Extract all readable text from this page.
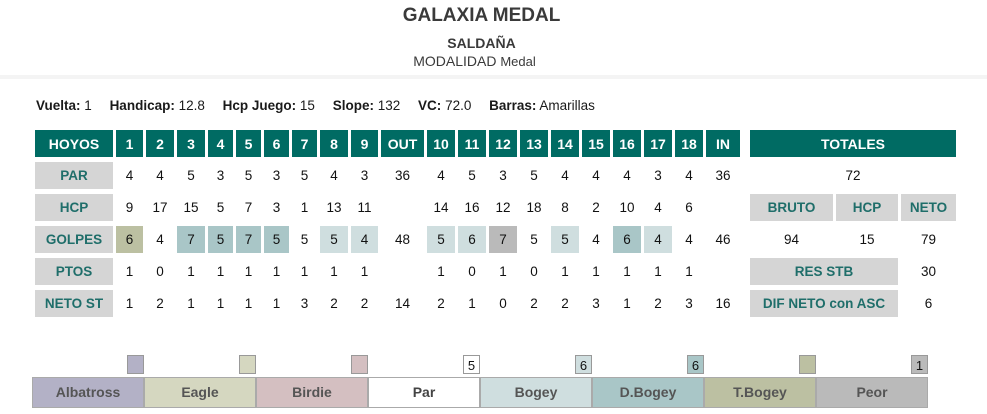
GALAXIA MEDAL
SALDAÑA
MODALIDAD Medal
Vuelta: 1 Handicap: 12.8 Hcp Juego: 15 Slope: 132 VC: 72.0 Barras: Amarillas
HOYOS	1	2	3	4	5	6	7	8	9	OUT	10	11	12	13	14	15	16	17	18	IN		TOTALES		
PAR	4	4	5	3	5	3	5	4	3	36	4	5	3	5	4	4	4	3	4	36		72		
HCP	9	17	15	5	7	3	1	13	11		14	16	12	18	8	2	10	4	6			BRUTO	HCP	NETO
GOLPES	6	4	7	5	7	5	5	5	4	48	5	6	7	5	5	4	6	4	4	46		94	15	79
PTOS	1	0	1	1	1	1	1	1	1		1	0	1	0	1	1	1	1	1			RES STB		30
NETO ST	1	2	1	1	1	1	3	2	2	14	2	1	0	2	2	3	1	2	3	16		DIF NETO con ASC		6
Albatross	Eagle	Birdie
5
Par
6
Bogey
6
D.Bogey	T.Bogey
1
Peor
